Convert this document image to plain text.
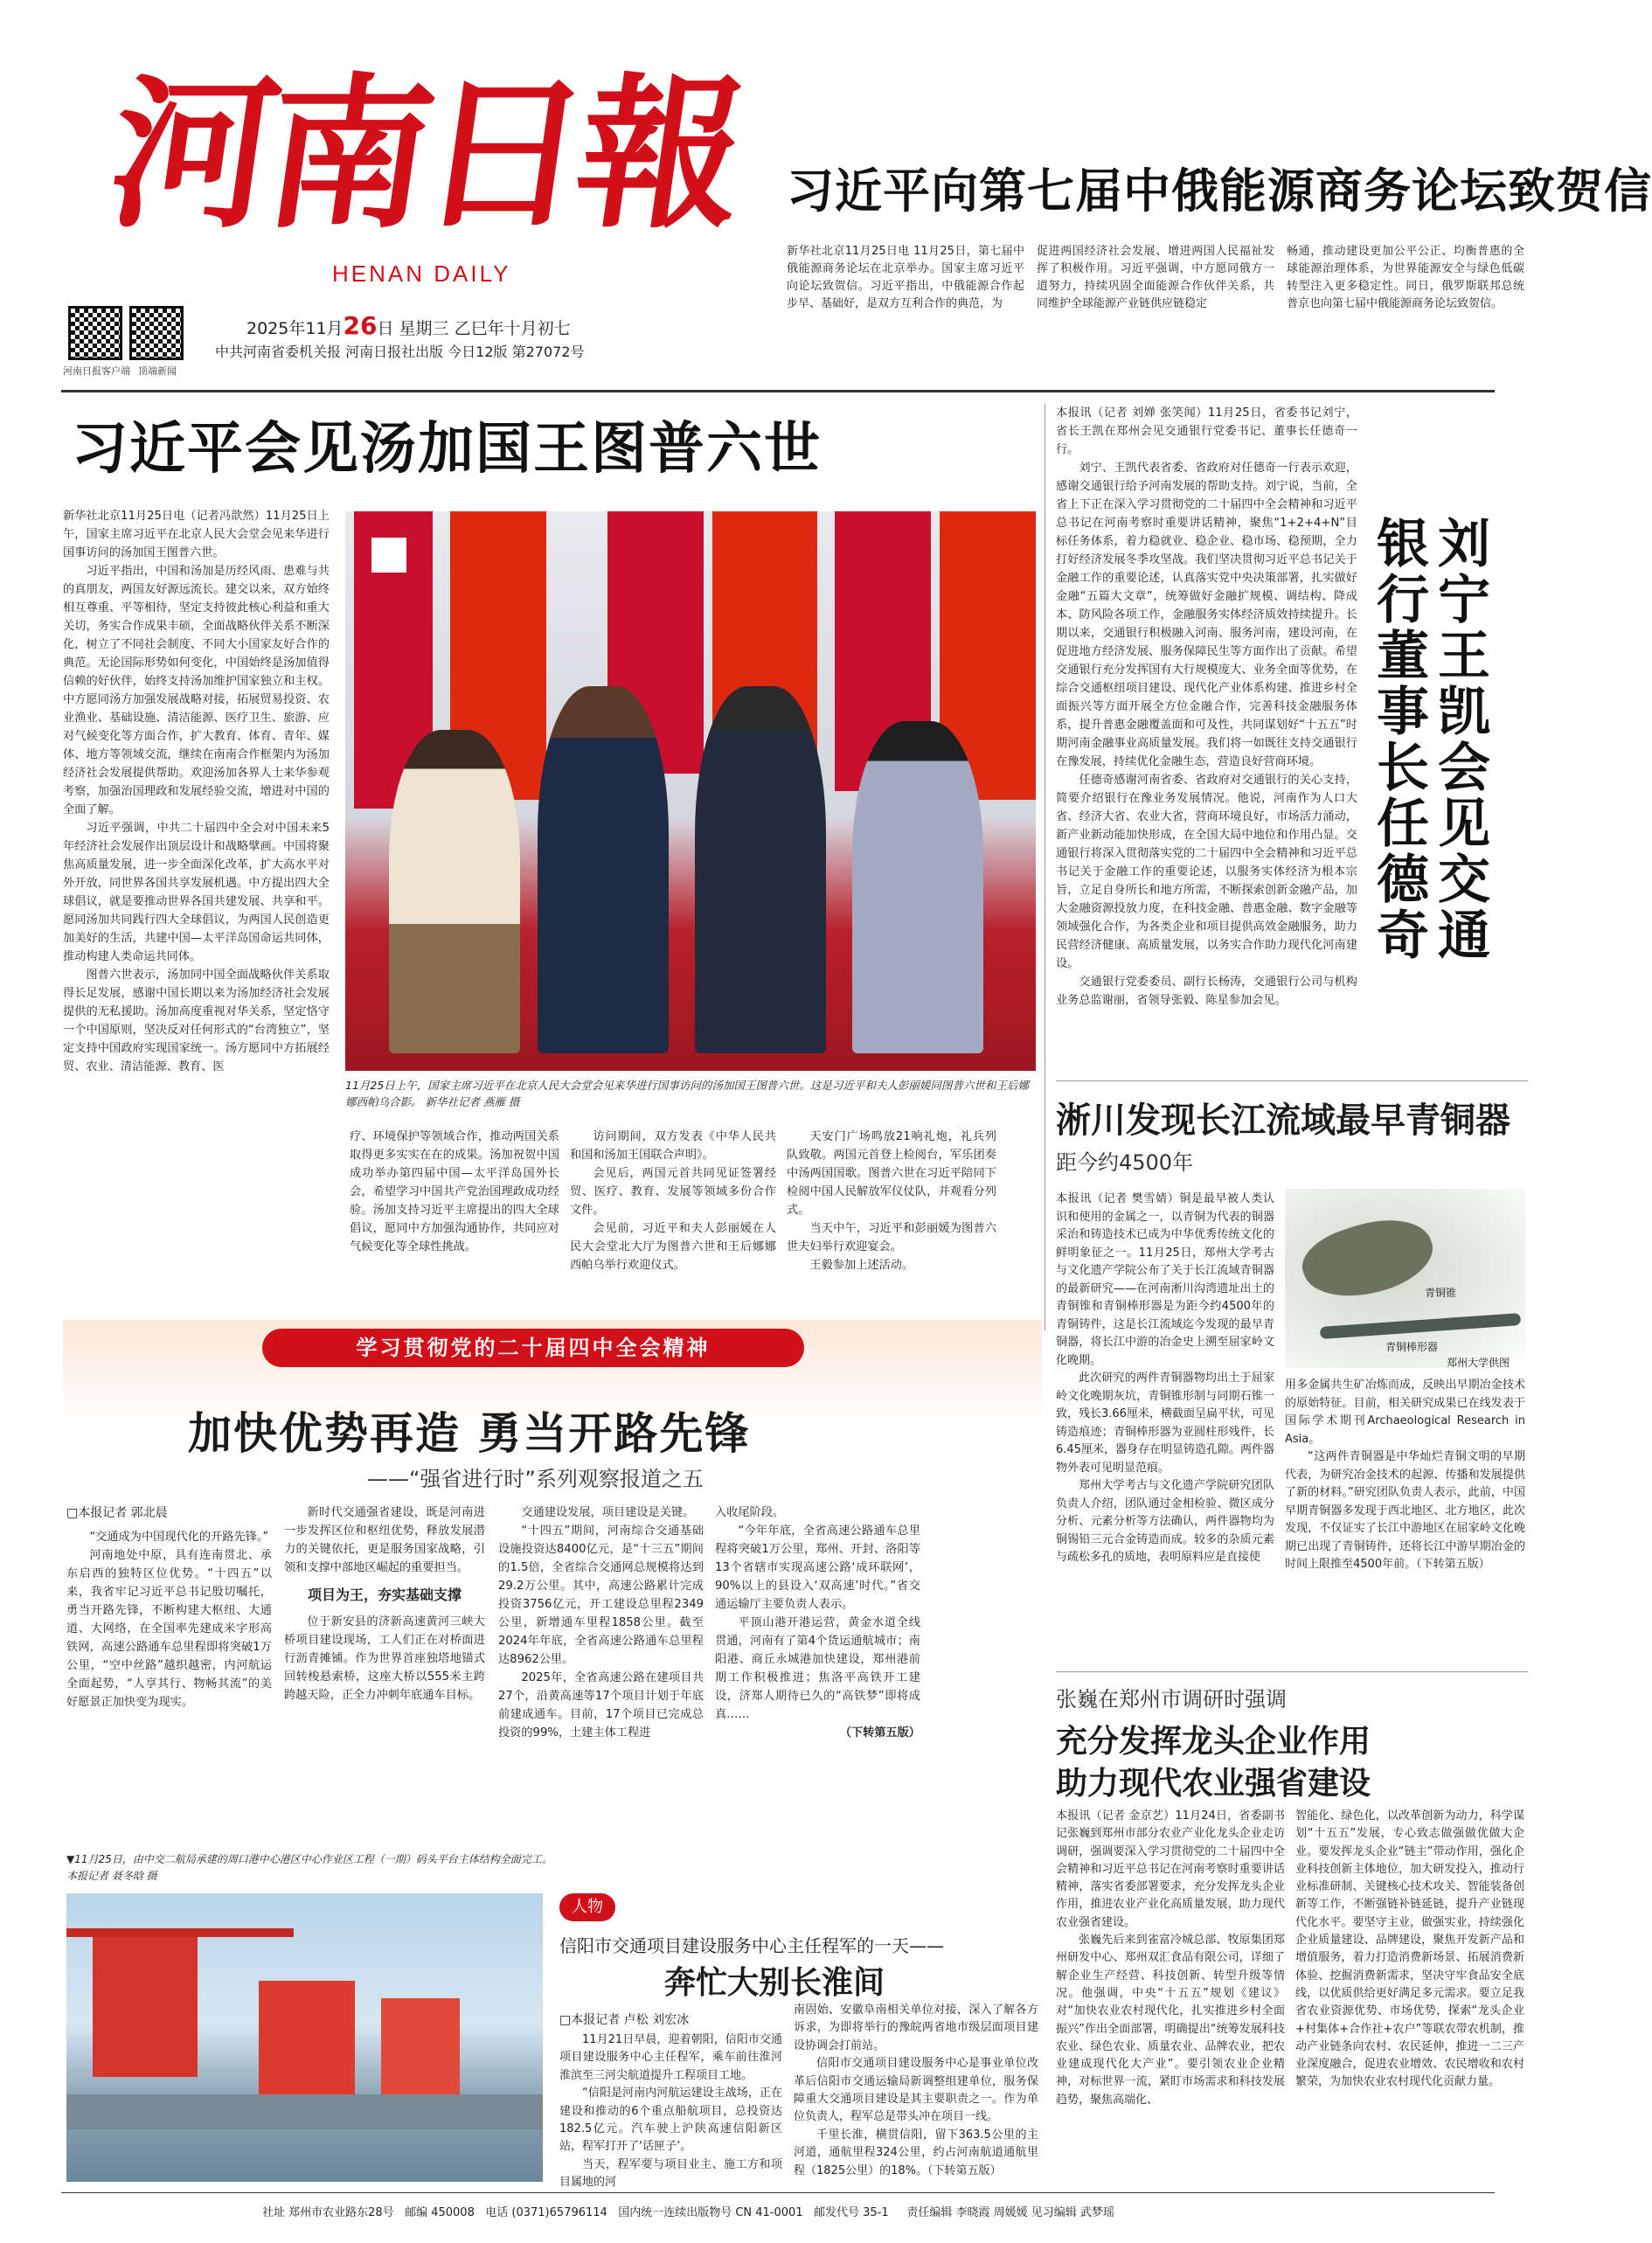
河南日報
HENAN DAILY
河南日报客户端 顶端新闻
2025年11月26日 星期三 乙巳年十月初七
中共河南省委机关报 河南日报社出版 今日12版 第27072号
习近平向第七届中俄能源商务论坛致贺信

新华社北京11月25日电 11月25日，第七届中俄能源商务论坛在北京举办。国家主席习近平向论坛致贺信。习近平指出，中俄能源合作起步早、基础好，是双方互利合作的典范，为

促进两国经济社会发展、增进两国人民福祉发挥了积极作用。习近平强调，中方愿同俄方一道努力，持续巩固全面能源合作伙伴关系，共同维护全球能源产业链供应链稳定

畅通，推动建设更加公平公正、均衡普惠的全球能源治理体系，为世界能源安全与绿色低碳转型注入更多稳定性。同日，俄罗斯联邦总统普京也向第七届中俄能源商务论坛致贺信。

习近平会见汤加国王图普六世

新华社北京11月25日电（记者冯歆然）11月25日上午，国家主席习近平在北京人民大会堂会见来华进行国事访问的汤加国王图普六世。

习近平指出，中国和汤加是历经风雨、患难与共的真朋友，两国友好源远流长。建交以来，双方始终相互尊重、平等相待，坚定支持彼此核心利益和重大关切，务实合作成果丰硕，全面战略伙伴关系不断深化，树立了不同社会制度、不同大小国家友好合作的典范。无论国际形势如何变化，中国始终是汤加值得信赖的好伙伴，始终支持汤加维护国家独立和主权。中方愿同汤方加强发展战略对接，拓展贸易投资、农业渔业、基础设施、清洁能源、医疗卫生、旅游、应对气候变化等方面合作，扩大教育、体育、青年、媒体、地方等领域交流，继续在南南合作框架内为汤加经济社会发展提供帮助。欢迎汤加各界人士来华参观考察，加强治国理政和发展经验交流，增进对中国的全面了解。

习近平强调，中共二十届四中全会对中国未来5年经济社会发展作出顶层设计和战略擘画。中国将聚焦高质量发展，进一步全面深化改革，扩大高水平对外开放，同世界各国共享发展机遇。中方提出四大全球倡议，就是要推动世界各国共建发展、共享和平。愿同汤加共同践行四大全球倡议，为两国人民创造更加美好的生活，共建中国—太平洋岛国命运共同体，推动构建人类命运共同体。

图普六世表示，汤加同中国全面战略伙伴关系取得长足发展，感谢中国长期以来为汤加经济社会发展提供的无私援助。汤加高度重视对华关系，坚定恪守一个中国原则，坚决反对任何形式的“台湾独立”，坚定支持中国政府实现国家统一。汤方愿同中方拓展经贸、农业、清洁能源、教育、医

11月25日上午，国家主席习近平在北京人民大会堂会见来华进行国事访问的汤加国王图普六世。这是习近平和夫人彭丽媛同图普六世和王后娜娜西帕乌合影。 新华社记者 燕雁 摄

疗、环境保护等领域合作，推动两国关系取得更多实实在在的成果。汤加祝贺中国成功举办第四届中国—太平洋岛国外长会，希望学习中国共产党治国理政成功经验。汤加支持习近平主席提出的四大全球倡议，愿同中方加强沟通协作，共同应对气候变化等全球性挑战。

访问期间，双方发表《中华人民共和国和汤加王国联合声明》。

会见后，两国元首共同见证签署经贸、医疗、教育、发展等领域多份合作文件。

会见前，习近平和夫人彭丽媛在人民大会堂北大厅为图普六世和王后娜娜西帕乌举行欢迎仪式。

天安门广场鸣放21响礼炮，礼兵列队致敬。两国元首登上检阅台，军乐团奏中汤两国国歌。图普六世在习近平陪同下检阅中国人民解放军仪仗队，并观看分列式。

当天中午，习近平和彭丽媛为图普六世夫妇举行欢迎宴会。

王毅参加上述活动。

本报讯（记者 刘婵 张笑闻）11月25日，省委书记刘宁，省长王凯在郑州会见交通银行党委书记、董事长任德奇一行。

刘宁、王凯代表省委、省政府对任德奇一行表示欢迎，感谢交通银行给予河南发展的帮助支持。刘宁说，当前，全省上下正在深入学习贯彻党的二十届四中全会精神和习近平总书记在河南考察时重要讲话精神，聚焦“1+2+4+N”目标任务体系，着力稳就业、稳企业、稳市场、稳预期，全力打好经济发展冬季攻坚战。我们坚决贯彻习近平总书记关于金融工作的重要论述，认真落实党中央决策部署，扎实做好金融“五篇大文章”，统筹做好金融扩规模、调结构、降成本、防风险各项工作，金融服务实体经济质效持续提升。长期以来，交通银行积极融入河南、服务河南，建设河南，在促进地方经济发展、服务保障民生等方面作出了贡献。希望交通银行充分发挥国有大行规模庞大、业务全面等优势，在综合交通枢纽项目建设、现代化产业体系构建、推进乡村全面振兴等方面开展全方位金融合作，完善科技金融服务体系，提升普惠金融覆盖面和可及性，共同谋划好“十五五”时期河南金融事业高质量发展。我们将一如既往支持交通银行在豫发展，持续优化金融生态，营造良好营商环境。

任德奇感谢河南省委、省政府对交通银行的关心支持，简要介绍银行在豫业务发展情况。他说，河南作为人口大省、经济大省、农业大省，营商环境良好，市场活力涌动，新产业新动能加快形成，在全国大局中地位和作用凸显。交通银行将深入贯彻落实党的二十届四中全会精神和习近平总书记关于金融工作的重要论述，以服务实体经济为根本宗旨，立足自身所长和地方所需，不断探索创新金融产品，加大金融资源投放力度，在科技金融、普惠金融、数字金融等领域强化合作，为各类企业和项目提供高效金融服务，助力民营经济健康、高质量发展，以务实合作助力现代化河南建设。

交通银行党委委员、副行长杨涛，交通银行公司与机构业务总监谢丽，省领导张毅、陈星参加会见。

刘宁王凯会见交通银行董事长任德奇
淅川发现长江流域最早青铜器
距今约4500年

本报讯（记者 樊雪婧）铜是最早被人类认识和使用的金属之一，以青铜为代表的铜器采治和铸造技术已成为中华优秀传统文化的鲜明象征之一。11月25日，郑州大学考古与文化遗产学院公布了关于长江流域青铜器的最新研究——在河南淅川沟湾遗址出土的青铜锥和青铜棒形器是为距今约4500年的青铜铸件，这是长江流域迄今发现的最早青铜器，将长江中游的冶金史上溯至屈家岭文化晚期。

此次研究的两件青铜器物均出土于屈家岭文化晚期灰坑，青铜锥形制与同期石锥一致，残长3.66厘米，横截面呈扁平状，可见铸造痕迹；青铜棒形器为亚圆柱形残件，长6.45厘米，器身存在明显铸造孔隙。两件器物外表可见明显范痕。

郑州大学考古与文化遗产学院研究团队负责人介绍，团队通过金相检验、微区成分分析、元素分析等方法确认，两件器物均为铜锡铅三元合金铸造而成。较多的杂质元素与疏松多孔的质地，表明原料应是直接使

青铜锥
青铜棒形器
郑州大学供图

用多金属共生矿冶炼而成，反映出早期冶金技术的原始特征。目前，相关研究成果已在线发表于国际学术期刊Archaeological Research in Asia。

“这两件青铜器是中华灿烂青铜文明的早期代表，为研究冶金技术的起源、传播和发展提供了新的材料。”研究团队负责人表示，此前，中国早期青铜器多发现于西北地区、北方地区，此次发现，不仅证实了长江中游地区在屈家岭文化晚期已出现了青铜铸件，还将长江中游早期冶金的时间上限推至4500年前。（下转第五版）

张巍在郑州市调研时强调
充分发挥龙头企业作用
助力现代农业强省建设

本报讯（记者 金京艺）11月24日，省委副书记张巍到郑州市部分农业产业化龙头企业走访调研，强调要深入学习贯彻党的二十届四中全会精神和习近平总书记在河南考察时重要讲话精神，落实省委部署要求，充分发挥龙头企业作用，推进农业产业化高质量发展，助力现代农业强省建设。

张巍先后来到雀富冷城总部、牧原集团郑州研发中心、郑州双汇食品有限公司，详细了解企业生产经营、科技创新、转型升级等情况。他强调，中央“十五五”规划《建议》对“加快农业农村现代化，扎实推进乡村全面振兴”作出全面部署，明确提出“统筹发展科技农业、绿色农业、质量农业、品牌农业，把农业建成现代化大产业”。要引领农业企业精神，对标世界一流，紧盯市场需求和科技发展趋势，聚焦高端化、

智能化、绿色化，以改革创新为动力，科学谋划“十五五”发展，专心致志做强做优做大企业。要发挥龙头企业“链主”带动作用，强化企业科技创新主体地位，加大研发投入，推动行业标准研制、关键核心技术攻关、智能装备创新等工作，不断强链补链延链，提升产业链现代化水平。要坚守主业，做强实业，持续强化企业质量建设、品牌建设，聚焦开发新产品和增值服务，着力打造消费新场景、拓展消费新体验、挖掘消费新需求，坚决守牢食品安全底线，以优质供给更好满足多元需求。要立足我省农业资源优势、市场优势，探索“龙头企业+村集体+合作社+农户”等联农带农机制，推动产业链条向农村、农民延伸，推进一二三产业深度融合，促进农业增效、农民增收和农村繁荣，为加快农业农村现代化贡献力量。

学习贯彻党的二十届四中全会精神
加快优势再造 勇当开路先锋
——“强省进行时”系列观察报道之五
□本报记者 郭北晨

“交通成为中国现代化的开路先锋。”

河南地处中原，具有连南贯北、承东启西的独特区位优势。“十四五”以来，我省牢记习近平总书记殷切嘱托，勇当开路先锋，不断构建大枢纽、大通道、大网络，在全国率先建成米字形高铁网，高速公路通车总里程即将突破1万公里，“空中丝路”越织越密，内河航运全面起势，“人享其行、物畅其流”的美好愿景正加快变为现实。

新时代交通强省建设，既是河南进一步发挥区位和枢纽优势，释放发展潜力的关键依托，更是服务国家战略，引领和支撑中部地区崛起的重要担当。

项目为王，夯实基础支撑

位于新安县的济新高速黄河三峡大桥项目建设现场，工人们正在对桥面进行沥青摊铺。作为世界首座独塔地锚式回转梭悬索桥，这座大桥以555米主跨跨越天险，正全力冲刺年底通车目标。

交通建设发展，项目建设是关键。

“十四五”期间，河南综合交通基础设施投资达8400亿元，是“十三五”期间的1.5倍，全省综合交通网总规模将达到29.2万公里。其中，高速公路累计完成投资3756亿元，开工建设总里程2349公里，新增通车里程1858公里。截至2024年年底，全省高速公路通车总里程达8962公里。

2025年，全省高速公路在建项目共27个，沿黄高速等17个项目计划于年底前建成通车。目前，17个项目已完成总投资的99%，土建主体工程进

入收尾阶段。

“今年年底，全省高速公路通车总里程将突破1万公里，郑州、开封、洛阳等13个省辖市实现高速公路‘成环联网’，90%以上的县设入‘双高速’时代。”省交通运输厅主要负责人表示。

平顶山港开港运营，黄金水道全线贯通，河南有了第4个货运通航城市；南阳港、商丘永城港加快建设，郑州港前期工作积极推进；焦洛平高铁开工建设，济郑人期待已久的“高铁梦”即将成真……

（下转第五版）

▼11月25日，由中交二航局承建的周口港中心港区中心作业区工程（一期）码头平台主体结构全面完工。 本报记者 聂冬晗 摄
人物
信阳市交通项目建设服务中心主任程军的一天——
奔忙大别长淮间
□本报记者 卢松 刘宏冰

11月21日早晨，迎着朝阳，信阳市交通项目建设服务中心主任程军，乘车前往淮河淮滨至三河尖航道提升工程项目工地。

“信阳是河南内河航运建设主战场，正在建设和推动的6个重点船航项目，总投资达182.5亿元。汽车驶上沪陕高速信阳新区站，程军打开了‘话匣子’。

当天，程军要与项目业主、施工方和项目属地的河

南固始、安徽阜南相关单位对接，深入了解各方诉求，为即将举行的豫皖两省地市级层面项目建设协调会打前站。

信阳市交通项目建设服务中心是事业单位改革后信阳市交通运输局新调整组建单位，服务保障重大交通项目建设是其主要职责之一。作为单位负责人，程军总是带头冲在项目一线。

千里长淮，横贯信阳，留下363.5公里的主河道，通航里程324公里，约占河南航道通航里程（1825公里）的18%。（下转第五版）

社址 郑州市农业路东28号 邮编 450008 电话 (0371)65796114 国内统一连续出版物号 CN 41-0001 邮发代号 35-1 责任编辑 李晓霞 周媛媛 见习编辑 武梦瑶
